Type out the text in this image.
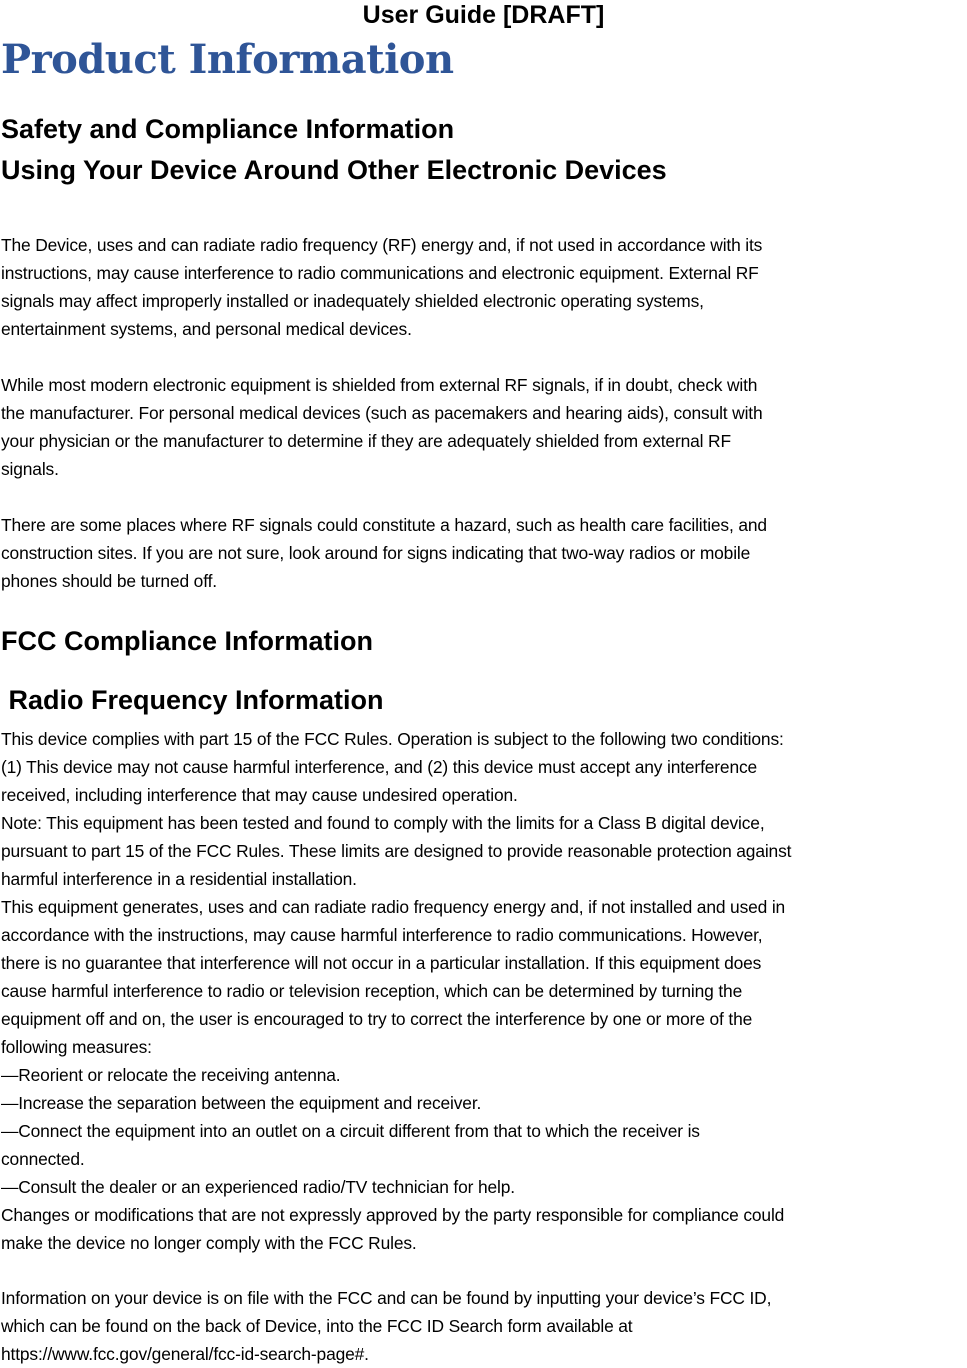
User Guide [DRAFT]
Product Information
Safety and Compliance Information
Using Your Device Around Other Electronic Devices
The Device, uses and can radiate radio frequency (RF) energy and, if not used in accordance with its
instructions, may cause interference to radio communications and electronic equipment. External RF
signals may affect improperly installed or inadequately shielded electronic operating systems,
entertainment systems, and personal medical devices.
While most modern electronic equipment is shielded from external RF signals, if in doubt, check with
the manufacturer. For personal medical devices (such as pacemakers and hearing aids), consult with
your physician or the manufacturer to determine if they are adequately shielded from external RF
signals.
There are some places where RF signals could constitute a hazard, such as health care facilities, and
construction sites. If you are not sure, look around for signs indicating that two-way radios or mobile
phones should be turned off.
FCC Compliance Information
Radio Frequency Information
This device complies with part 15 of the FCC Rules. Operation is subject to the following two conditions:
(1) This device may not cause harmful interference, and (2) this device must accept any interference
received, including interference that may cause undesired operation.
Note: This equipment has been tested and found to comply with the limits for a Class B digital device,
pursuant to part 15 of the FCC Rules. These limits are designed to provide reasonable protection against
harmful interference in a residential installation.
This equipment generates, uses and can radiate radio frequency energy and, if not installed and used in
accordance with the instructions, may cause harmful interference to radio communications. However,
there is no guarantee that interference will not occur in a particular installation. If this equipment does
cause harmful interference to radio or television reception, which can be determined by turning the
equipment off and on, the user is encouraged to try to correct the interference by one or more of the
following measures:
—Reorient or relocate the receiving antenna.
—Increase the separation between the equipment and receiver.
—Connect the equipment into an outlet on a circuit different from that to which the receiver is
connected.
—Consult the dealer or an experienced radio/TV technician for help.
Changes or modifications that are not expressly approved by the party responsible for compliance could
make the device no longer comply with the FCC Rules.
Information on your device is on file with the FCC and can be found by inputting your device’s FCC ID,
which can be found on the back of Device, into the FCC ID Search form available at
https://www.fcc.gov/general/fcc-id-search-page#.
